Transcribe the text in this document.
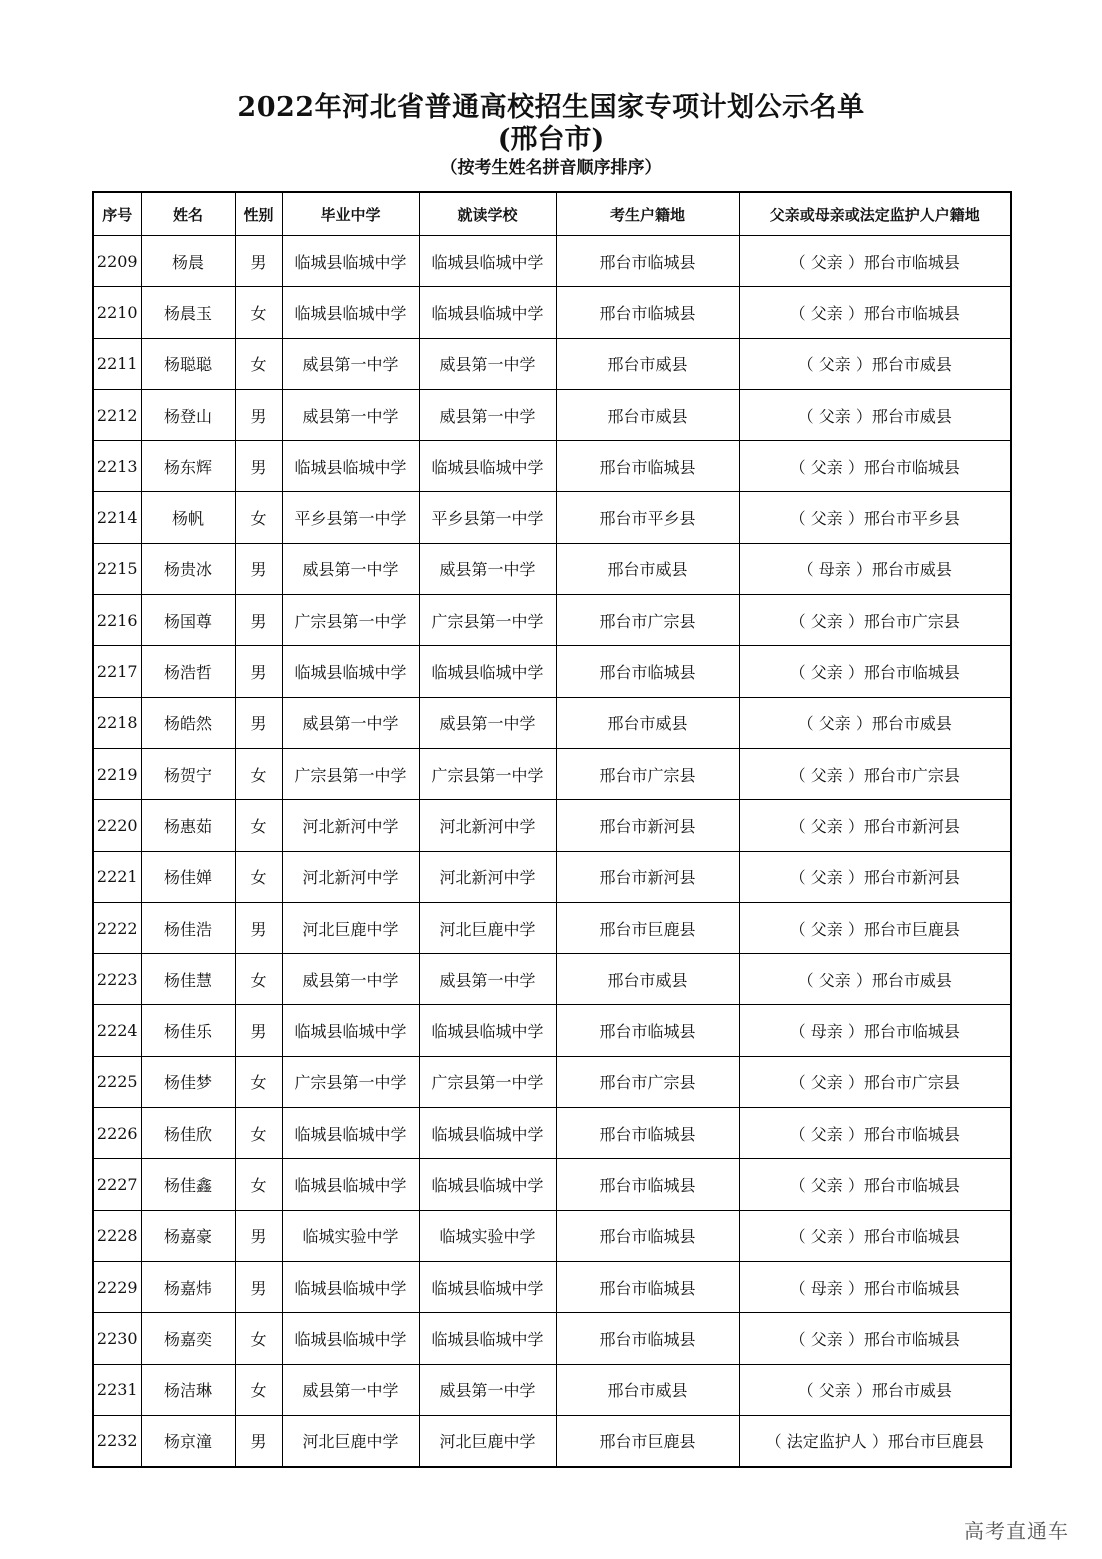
2022年河北省普通高校招生国家专项计划公示名单
(邢台市)
（按考生姓名拼音顺序排序）
序号	姓名	性别	毕业中学	就读学校	考生户籍地	父亲或母亲或法定监护人户籍地
2209	杨晨	男	临城县临城中学	临城县临城中学	邢台市临城县	（ 父亲 ）邢台市临城县
2210	杨晨玉	女	临城县临城中学	临城县临城中学	邢台市临城县	（ 父亲 ）邢台市临城县
2211	杨聪聪	女	威县第一中学	威县第一中学	邢台市威县	（ 父亲 ）邢台市威县
2212	杨登山	男	威县第一中学	威县第一中学	邢台市威县	（ 父亲 ）邢台市威县
2213	杨东辉	男	临城县临城中学	临城县临城中学	邢台市临城县	（ 父亲 ）邢台市临城县
2214	杨帆	女	平乡县第一中学	平乡县第一中学	邢台市平乡县	（ 父亲 ）邢台市平乡县
2215	杨贵冰	男	威县第一中学	威县第一中学	邢台市威县	（ 母亲 ）邢台市威县
2216	杨国尊	男	广宗县第一中学	广宗县第一中学	邢台市广宗县	（ 父亲 ）邢台市广宗县
2217	杨浩哲	男	临城县临城中学	临城县临城中学	邢台市临城县	（ 父亲 ）邢台市临城县
2218	杨皓然	男	威县第一中学	威县第一中学	邢台市威县	（ 父亲 ）邢台市威县
2219	杨贺宁	女	广宗县第一中学	广宗县第一中学	邢台市广宗县	（ 父亲 ）邢台市广宗县
2220	杨惠茹	女	河北新河中学	河北新河中学	邢台市新河县	（ 父亲 ）邢台市新河县
2221	杨佳婵	女	河北新河中学	河北新河中学	邢台市新河县	（ 父亲 ）邢台市新河县
2222	杨佳浩	男	河北巨鹿中学	河北巨鹿中学	邢台市巨鹿县	（ 父亲 ）邢台市巨鹿县
2223	杨佳慧	女	威县第一中学	威县第一中学	邢台市威县	（ 父亲 ）邢台市威县
2224	杨佳乐	男	临城县临城中学	临城县临城中学	邢台市临城县	（ 母亲 ）邢台市临城县
2225	杨佳梦	女	广宗县第一中学	广宗县第一中学	邢台市广宗县	（ 父亲 ）邢台市广宗县
2226	杨佳欣	女	临城县临城中学	临城县临城中学	邢台市临城县	（ 父亲 ）邢台市临城县
2227	杨佳鑫	女	临城县临城中学	临城县临城中学	邢台市临城县	（ 父亲 ）邢台市临城县
2228	杨嘉豪	男	临城实验中学	临城实验中学	邢台市临城县	（ 父亲 ）邢台市临城县
2229	杨嘉炜	男	临城县临城中学	临城县临城中学	邢台市临城县	（ 母亲 ）邢台市临城县
2230	杨嘉奕	女	临城县临城中学	临城县临城中学	邢台市临城县	（ 父亲 ）邢台市临城县
2231	杨洁琳	女	威县第一中学	威县第一中学	邢台市威县	（ 父亲 ）邢台市威县
2232	杨京潼	男	河北巨鹿中学	河北巨鹿中学	邢台市巨鹿县	（ 法定监护人 ）邢台市巨鹿县
高考直通车
